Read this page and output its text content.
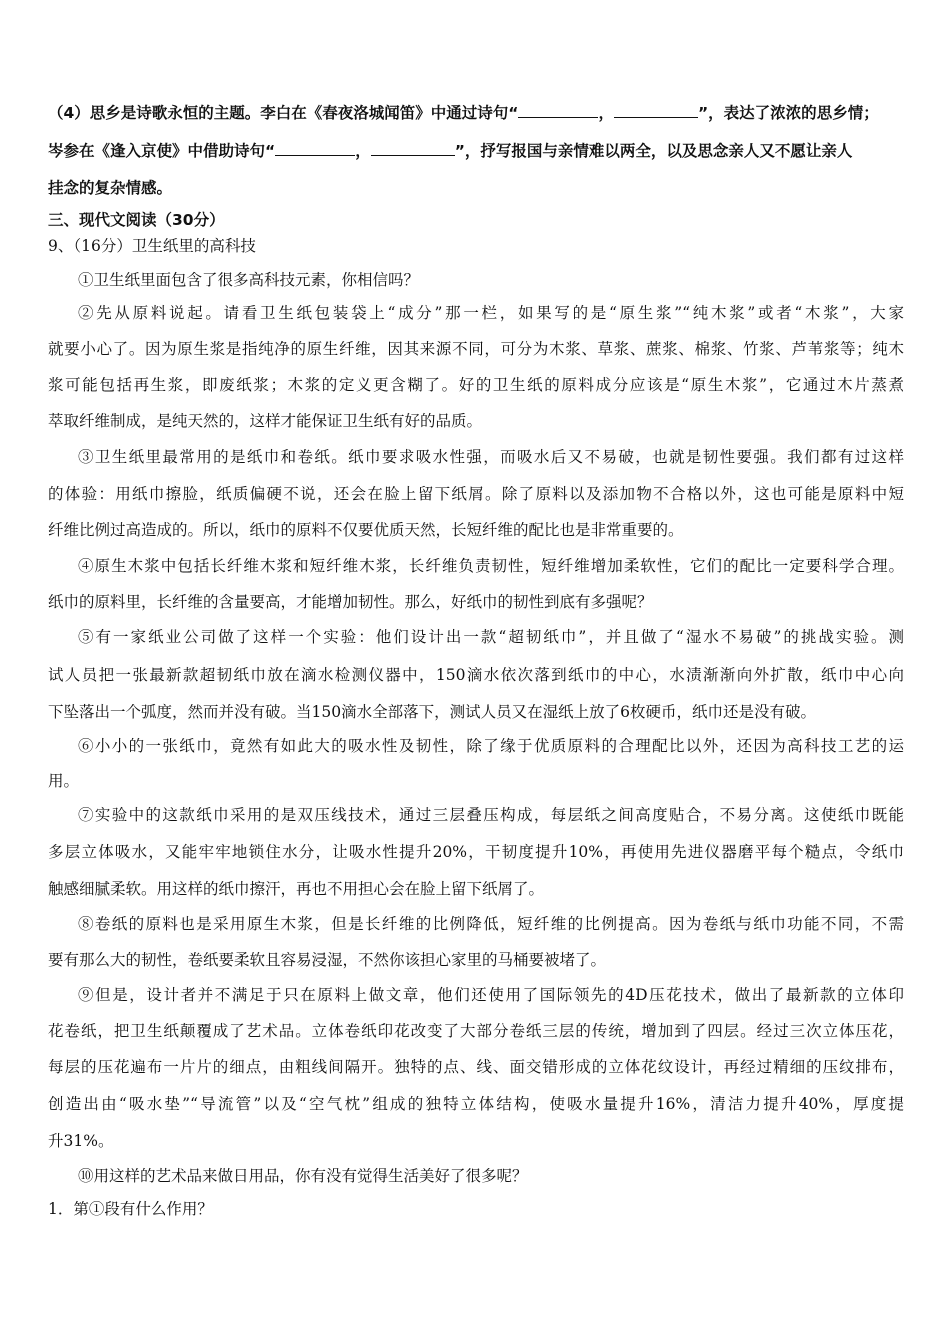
（4）思乡是诗歌永恒的主题。李白在《春夜洛城闻笛》中通过诗句“	，	”，表达了浓浓的思乡情；
岑参在《逢入京使》中借助诗句“	，	”，抒写报国与亲情难以两全，以及思念亲人又不愿让亲人
挂念的复杂情感。
三、现代文阅读（30分）
9、（16分）卫生纸里的高科技
①卫生纸里面包含了很多高科技元素，你相信吗？
②先从原料说起。请看卫生纸包装袋上“成分”那一栏，如果写的是“原生浆”“纯木浆”或者“木浆”，大家
就要小心了。因为原生浆是指纯净的原生纤维，因其来源不同，可分为木浆、草浆、蔗浆、棉浆、竹浆、芦苇浆等；纯木
浆可能包括再生浆，即废纸浆；木浆的定义更含糊了。好的卫生纸的原料成分应该是“原生木浆”，它通过木片蒸煮
萃取纤维制成，是纯天然的，这样才能保证卫生纸有好的品质。
③卫生纸里最常用的是纸巾和卷纸。纸巾要求吸水性强，而吸水后又不易破，也就是韧性要强。我们都有过这样
的体验：用纸巾擦脸，纸质偏硬不说，还会在脸上留下纸屑。除了原料以及添加物不合格以外，这也可能是原料中短
纤维比例过高造成的。所以，纸巾的原料不仅要优质天然，长短纤维的配比也是非常重要的。
④原生木浆中包括长纤维木浆和短纤维木浆，长纤维负责韧性，短纤维增加柔软性，它们的配比一定要科学合理。
纸巾的原料里，长纤维的含量要高，才能增加韧性。那么，好纸巾的韧性到底有多强呢？
⑤有一家纸业公司做了这样一个实验：他们设计出一款“超韧纸巾”，并且做了“湿水不易破”的挑战实验。测
试人员把一张最新款超韧纸巾放在滴水检测仪器中，150滴水依次落到纸巾的中心，水渍渐渐向外扩散，纸巾中心向
下坠落出一个弧度，然而并没有破。当150滴水全部落下，测试人员又在湿纸上放了6枚硬币，纸巾还是没有破。
⑥小小的一张纸巾，竟然有如此大的吸水性及韧性，除了缘于优质原料的合理配比以外，还因为高科技工艺的运
用。
⑦实验中的这款纸巾采用的是双压线技术，通过三层叠压构成，每层纸之间高度贴合，不易分离。这使纸巾既能
多层立体吸水，又能牢牢地锁住水分，让吸水性提升20%，干韧度提升10%，再使用先进仪器磨平每个糙点，令纸巾
触感细腻柔软。用这样的纸巾擦汗，再也不用担心会在脸上留下纸屑了。
⑧卷纸的原料也是采用原生木浆，但是长纤维的比例降低，短纤维的比例提高。因为卷纸与纸巾功能不同，不需
要有那么大的韧性，卷纸要柔软且容易浸湿，不然你该担心家里的马桶要被堵了。
⑨但是，设计者并不满足于只在原料上做文章，他们还使用了国际领先的4D压花技术，做出了最新款的立体印
花卷纸，把卫生纸颠覆成了艺术品。立体卷纸印花改变了大部分卷纸三层的传统，增加到了四层。经过三次立体压花，
每层的压花遍布一片片的细点，由粗线间隔开。独特的点、线、面交错形成的立体花纹设计，再经过精细的压纹排布，
创造出由“吸水垫”“导流管”以及“空气枕”组成的独特立体结构，使吸水量提升16%，清洁力提升40%，厚度提
升31%。
⑩用这样的艺术品来做日用品，你有没有觉得生活美好了很多呢？
1．第①段有什么作用？
